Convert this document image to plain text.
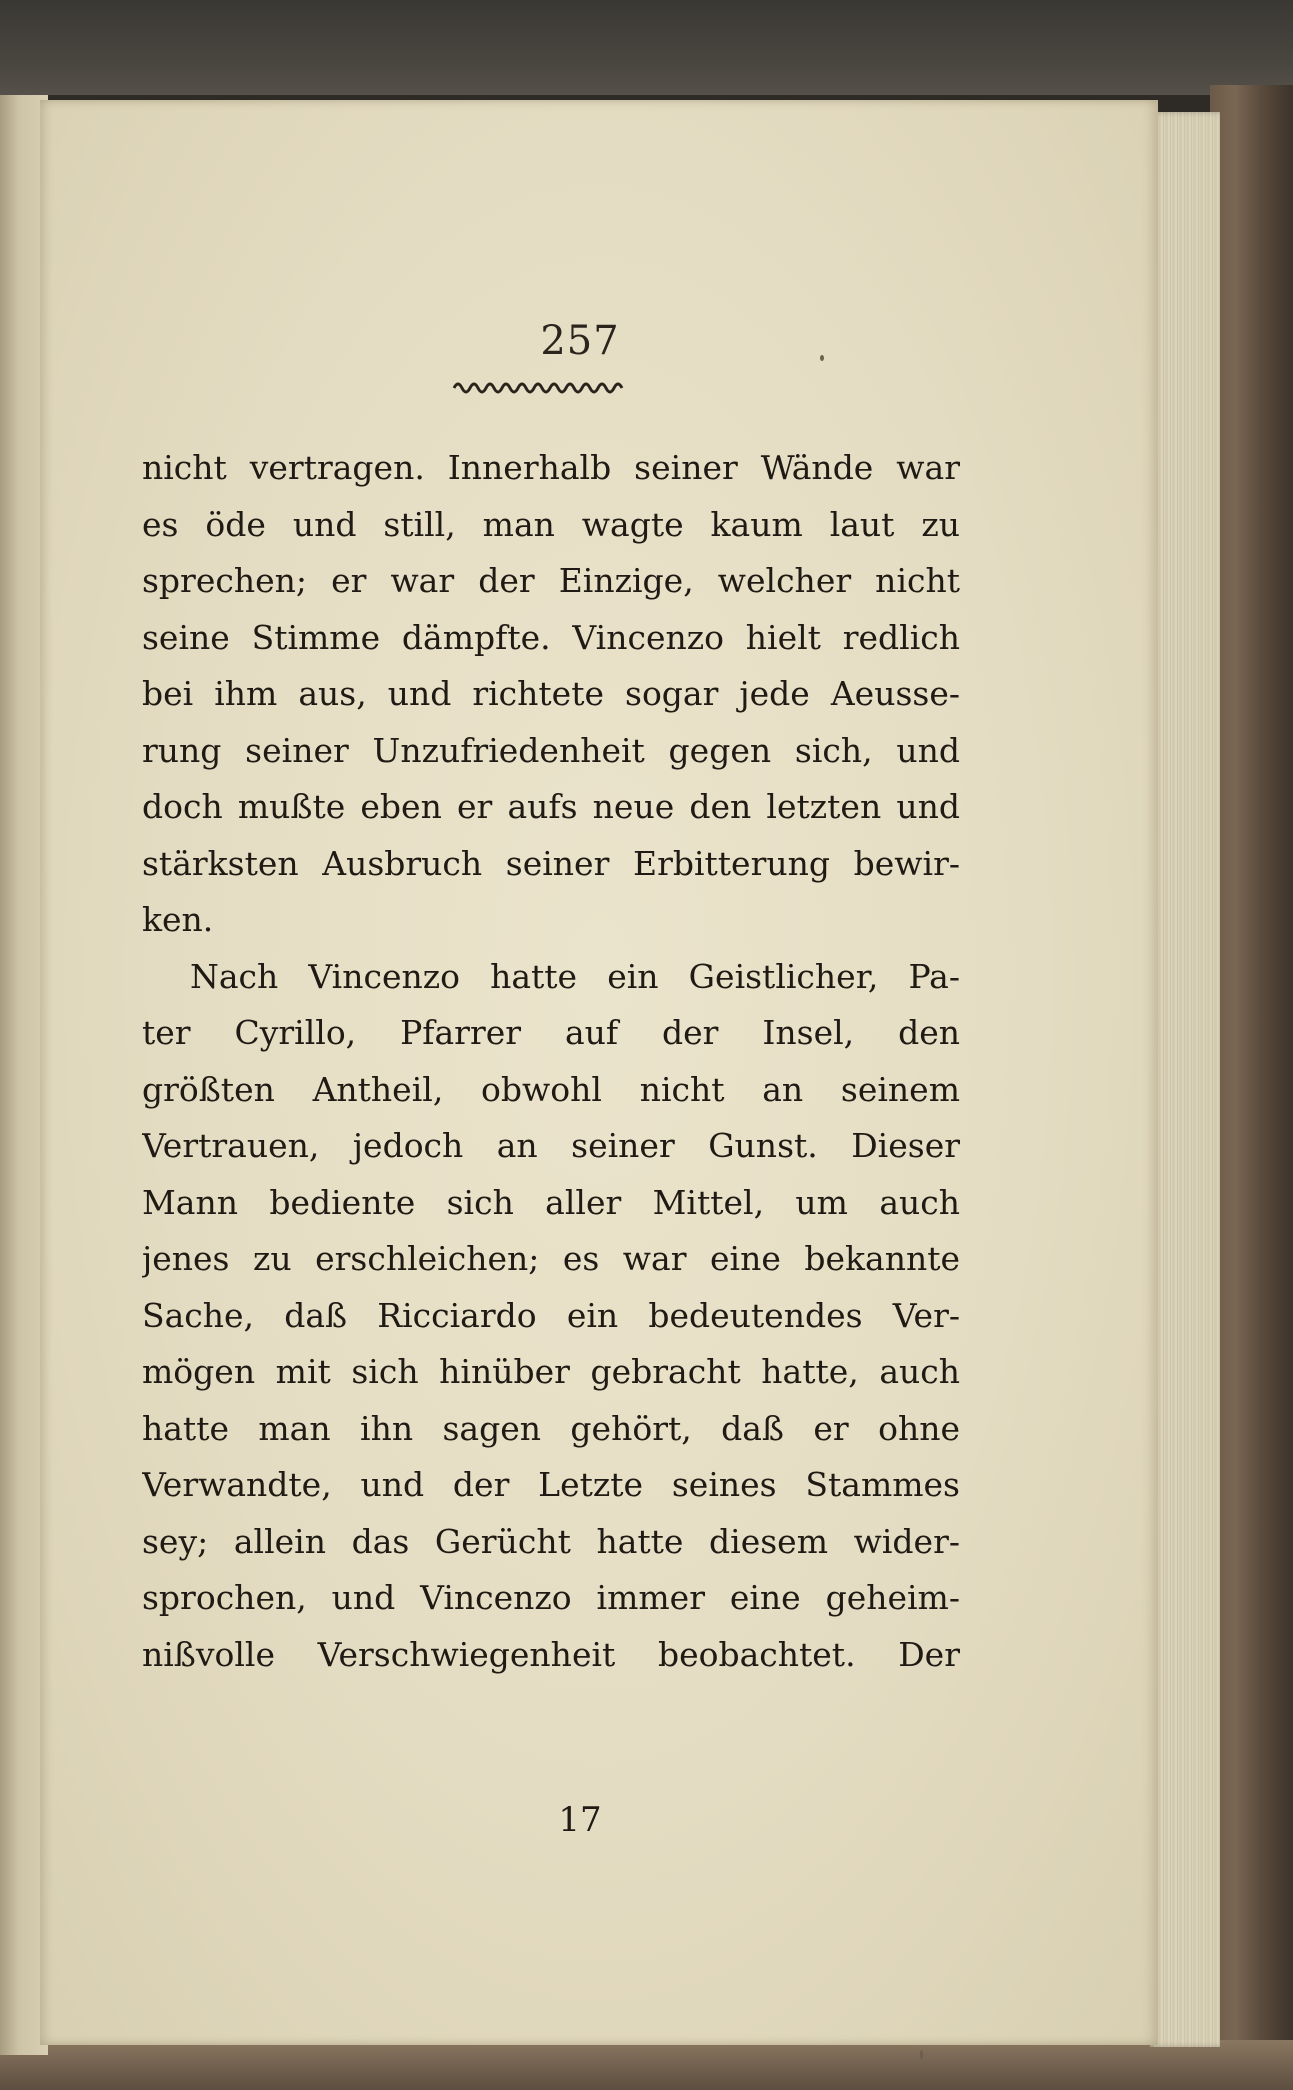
257
nicht vertragen. Innerhalb seiner Wände war
es öde und still, man wagte kaum laut zu
sprechen; er war der Einzige, welcher nicht
seine Stimme dämpfte. Vincenzo hielt redlich
bei ihm aus, und richtete sogar jede Aeusse-
rung seiner Unzufriedenheit gegen sich, und
doch mußte eben er aufs neue den letzten und
stärksten Ausbruch seiner Erbitterung bewir-
ken.
Nach Vincenzo hatte ein Geistlicher, Pa-
ter Cyrillo, Pfarrer auf der Insel, den
größten Antheil, obwohl nicht an seinem
Vertrauen, jedoch an seiner Gunst. Dieser
Mann bediente sich aller Mittel, um auch
jenes zu erschleichen; es war eine bekannte
Sache, daß Ricciardo ein bedeutendes Ver-
mögen mit sich hinüber gebracht hatte, auch
hatte man ihn sagen gehört, daß er ohne
Verwandte, und der Letzte seines Stammes
sey; allein das Gerücht hatte diesem wider-
sprochen, und Vincenzo immer eine geheim-
nißvolle Verschwiegenheit beobachtet. Der
17
